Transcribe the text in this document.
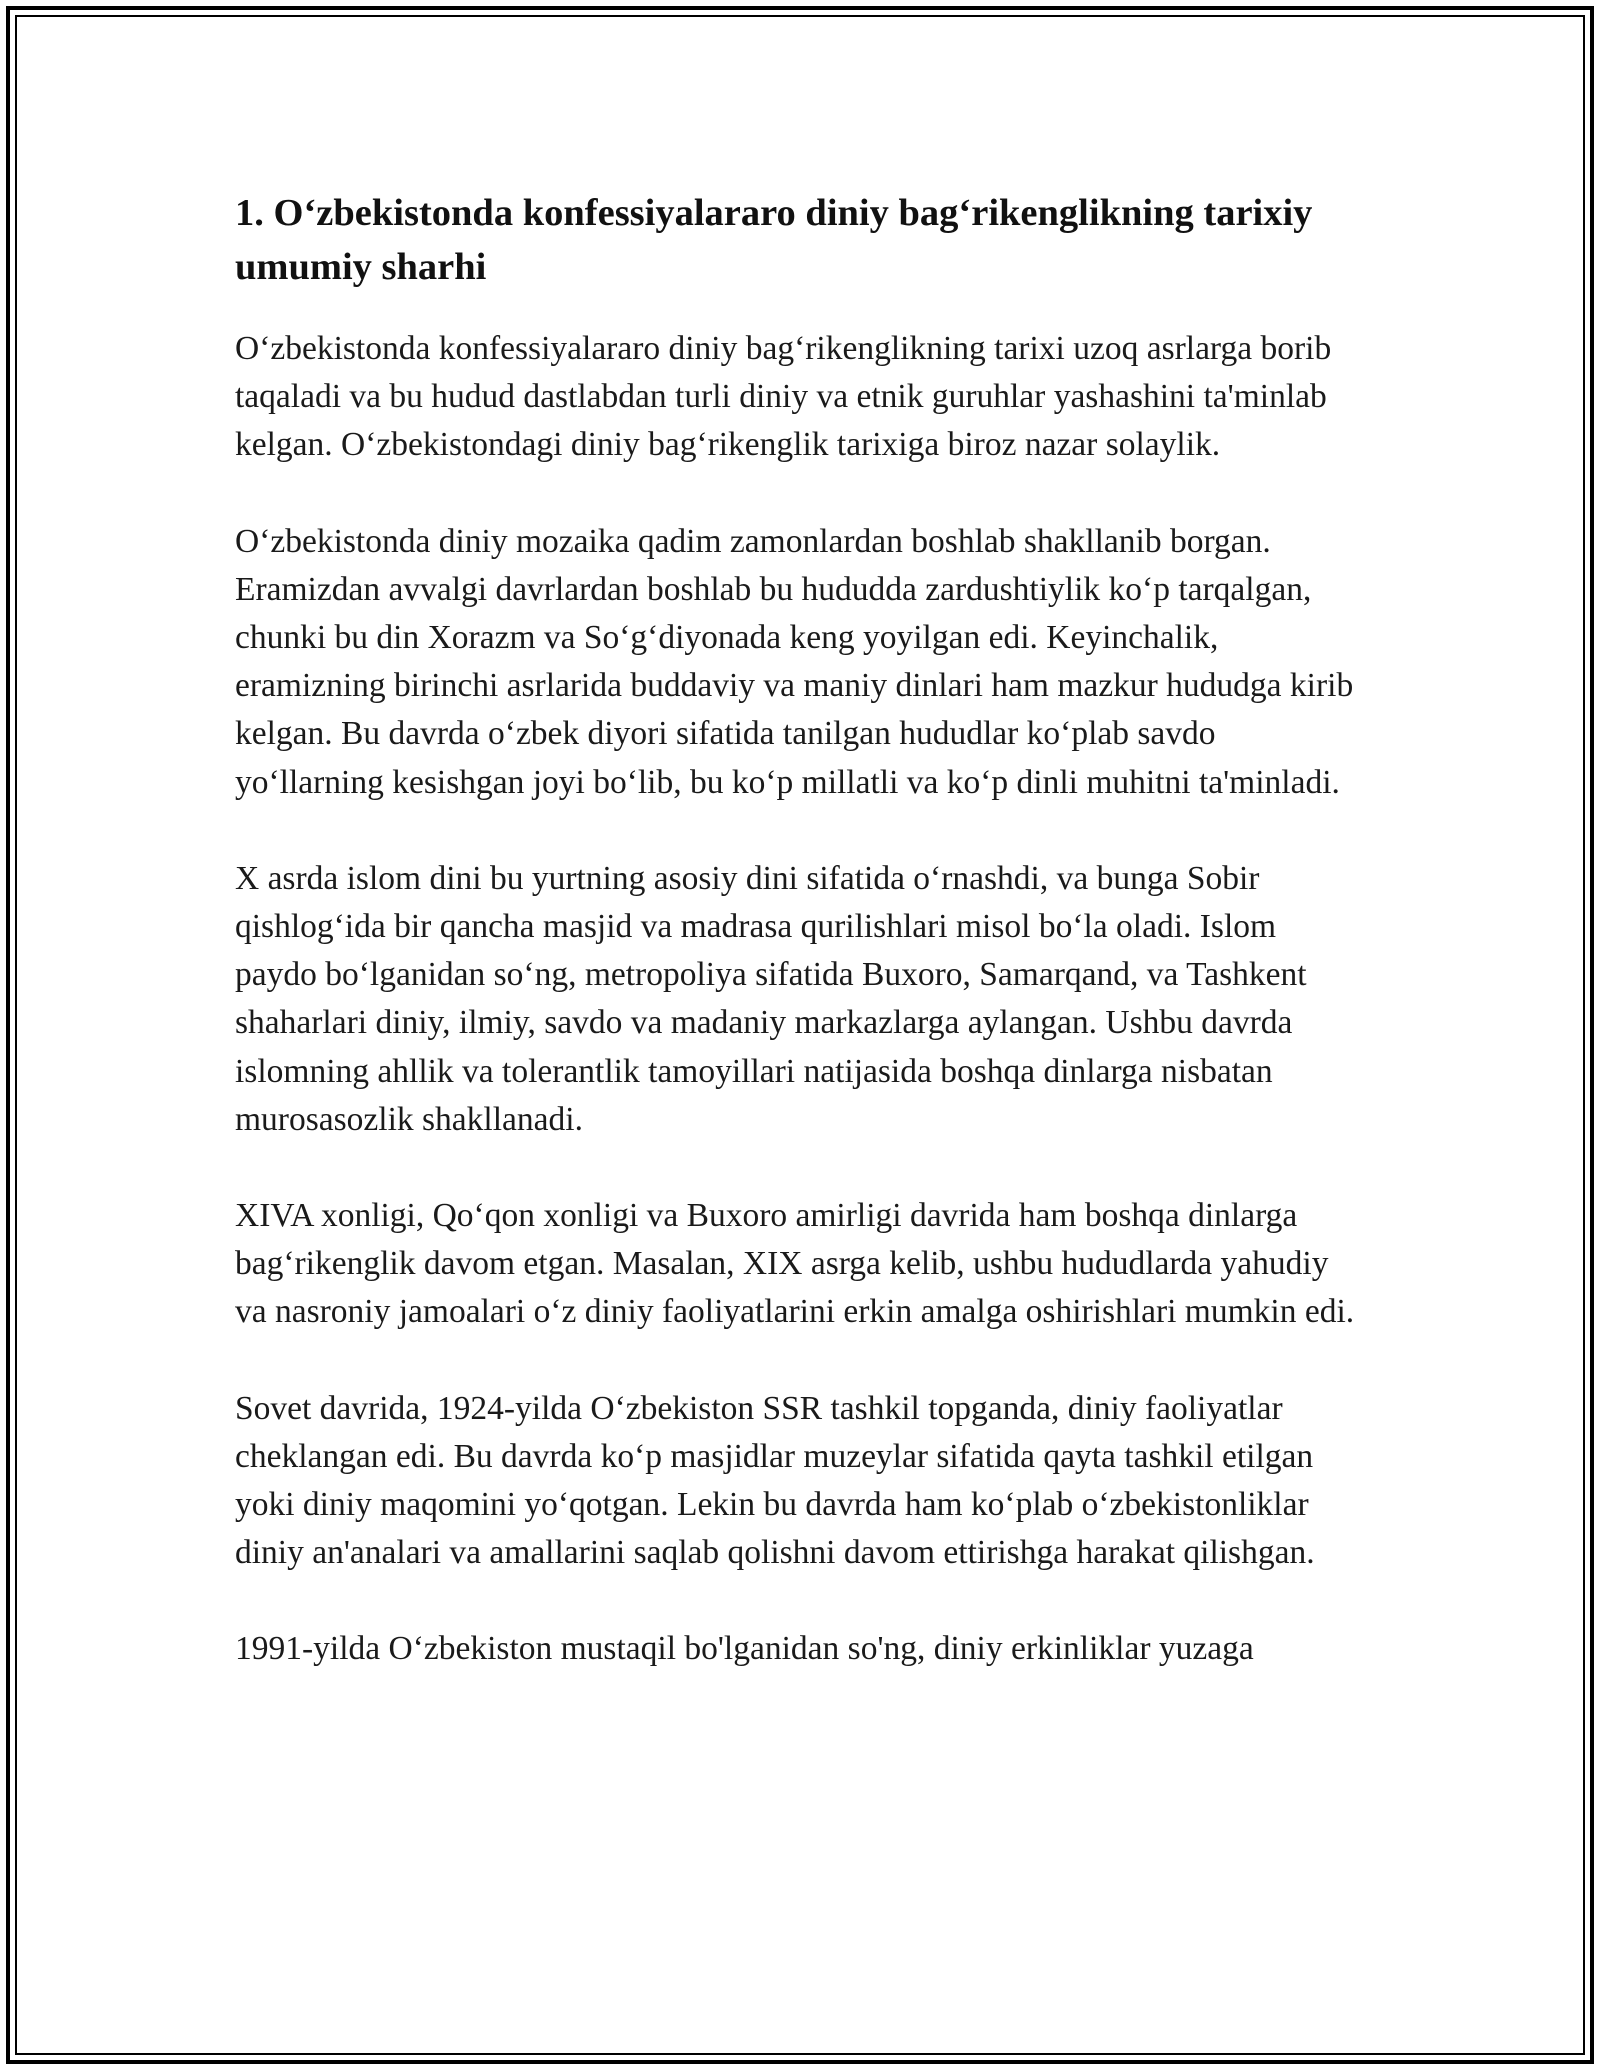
1. O‘zbekistonda konfessiyalararo diniy bag‘rikenglikning tarixiy umumiy sharhi

O‘zbekistonda konfessiyalararo diniy bag‘rikenglikning tarixi uzoq asrlarga borib taqaladi va bu hudud dastlabdan turli diniy va etnik guruhlar yashashini ta'minlab kelgan. O‘zbekistondagi diniy bag‘rikenglik tarixiga biroz nazar solaylik.

O‘zbekistonda diniy mozaika qadim zamonlardan boshlab shakllanib borgan. Eramizdan avvalgi davrlardan boshlab bu hududda zardushtiylik ko‘p tarqalgan, chunki bu din Xorazm va So‘g‘diyonada keng yoyilgan edi. Keyinchalik, eramizning birinchi asrlarida buddaviy va maniy dinlari ham mazkur hududga kirib kelgan. Bu davrda o‘zbek diyori sifatida tanilgan hududlar ko‘plab savdo yo‘llarning kesishgan joyi bo‘lib, bu ko‘p millatli va ko‘p dinli muhitni ta'minladi.

X asrda islom dini bu yurtning asosiy dini sifatida o‘rnashdi, va bunga Sobir qishlog‘ida bir qancha masjid va madrasa qurilishlari misol bo‘la oladi. Islom paydo bo‘lganidan so‘ng, metropoliya sifatida Buxoro, Samarqand, va Tashkent shaharlari diniy, ilmiy, savdo va madaniy markazlarga aylangan. Ushbu davrda islomning ahllik va tolerantlik tamoyillari natijasida boshqa dinlarga nisbatan murosasozlik shakllanadi.

XIVA xonligi, Qo‘qon xonligi va Buxoro amirligi davrida ham boshqa dinlarga bag‘rikenglik davom etgan. Masalan, XIX asrga kelib, ushbu hududlarda yahudiy va nasroniy jamoalari o‘z diniy faoliyatlarini erkin amalga oshirishlari mumkin edi.

Sovet davrida, 1924-yilda O‘zbekiston SSR tashkil topganda, diniy faoliyatlar cheklangan edi. Bu davrda ko‘p masjidlar muzeylar sifatida qayta tashkil etilgan yoki diniy maqomini yo‘qotgan. Lekin bu davrda ham ko‘plab o‘zbekistonliklar diniy an'analari va amallarini saqlab qolishni davom ettirishga harakat qilishgan.

1991-yilda O‘zbekiston mustaqil bo'lganidan so'ng, diniy erkinliklar yuzaga
